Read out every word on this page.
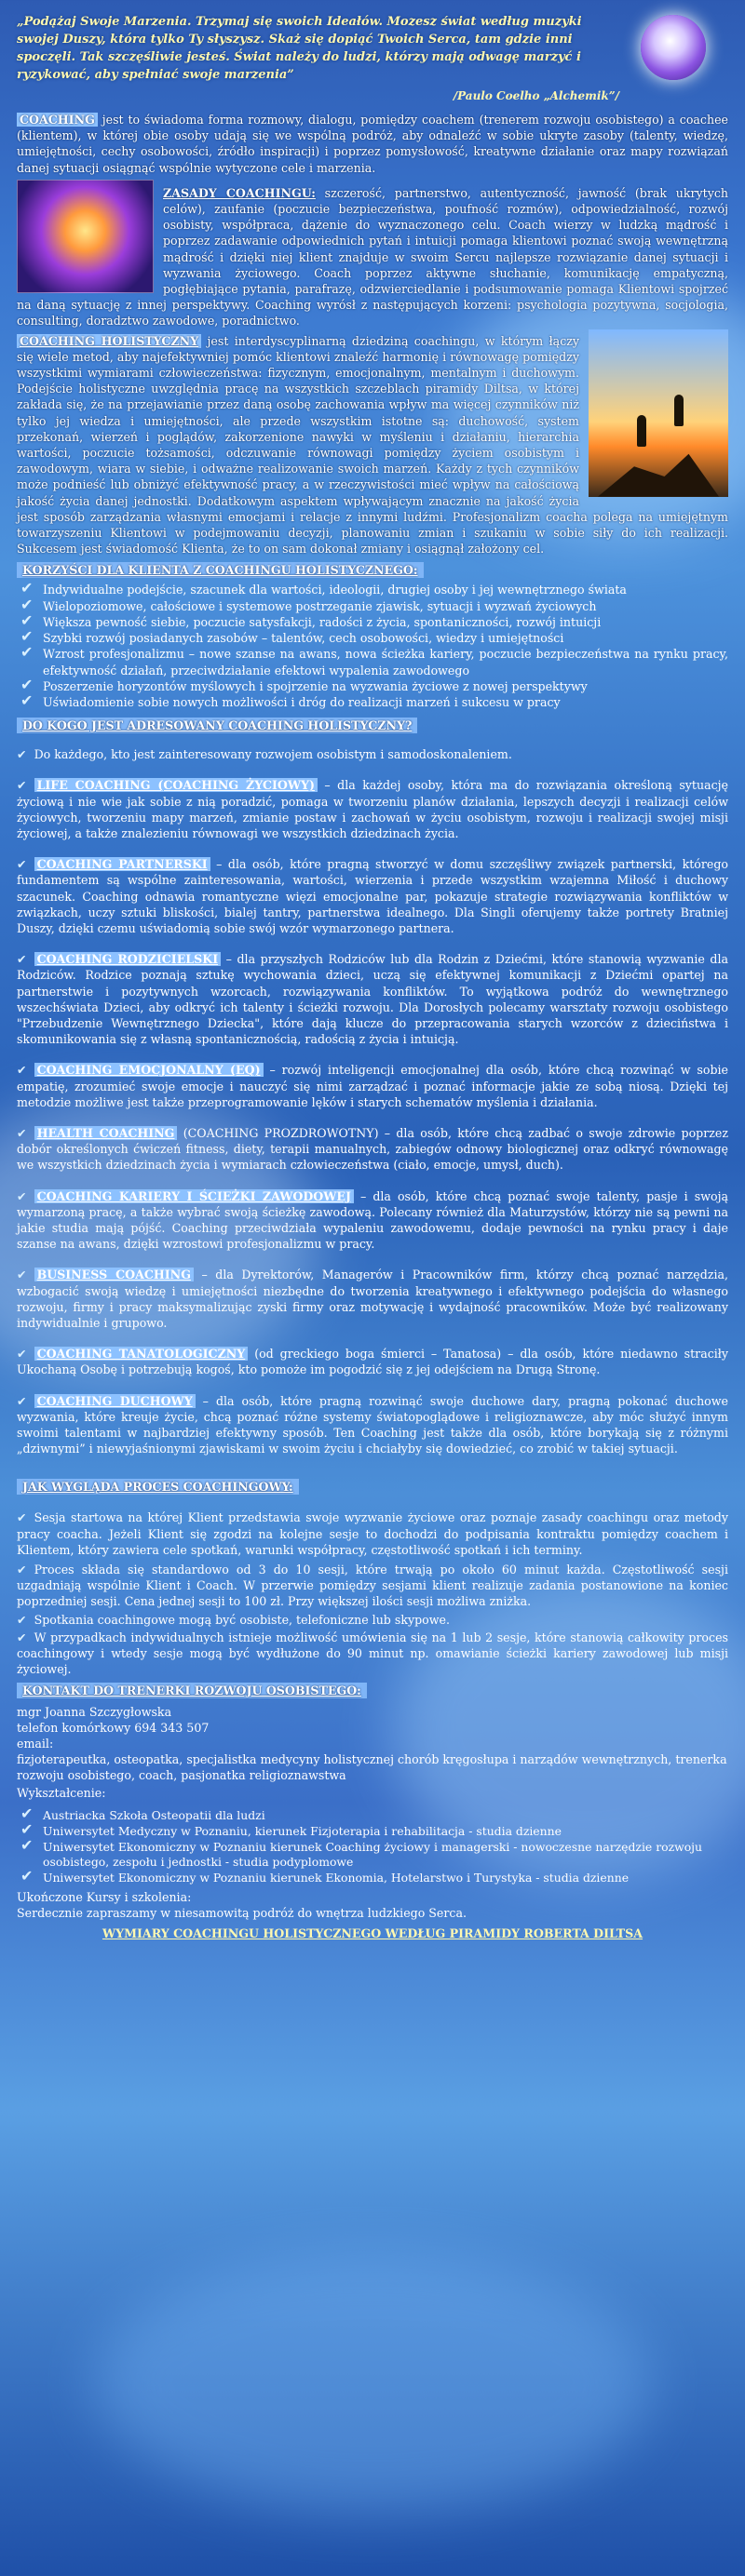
„Podążaj Swoje Marzenia. Trzymaj się swoich Ideałów. Mozesz świat według muzyki swojej Duszy, która tylko Ty słyszysz. Skaż się dopiąć Twoich Serca, tam gdzie inni spoczęli. Tak szczęśliwie jesteś. Świat należy do ludzi, którzy mają odwagę marzyć i ryzykować, aby spełniać swoje marzenia”
/Paulo Coelho „Alchemik”/
COACHING jest to świadoma forma rozmowy, dialogu, pomiędzy coachem (trenerem rozwoju osobistego) a coachee (klientem), w której obie osoby udają się we wspólną podróż, aby odnaleźć w sobie ukryte zasoby (talenty, wiedzę, umiejętności, cechy osobowości, źródło inspiracji) i poprzez pomysłowość, kreatywne działanie oraz mapy rozwiązań danej sytuacji osiągnąć wspólnie wytyczone cele i marzenia.
ZASADY COACHINGU: szczerość, partnerstwo, autentyczność, jawność (brak ukrytych celów), zaufanie (poczucie bezpieczeństwa, poufność rozmów), odpowiedzialność, rozwój osobisty, współpraca, dążenie do wyznaczonego celu. Coach wierzy w ludzką mądrość i poprzez zadawanie odpowiednich pytań i intuicji pomaga klientowi poznać swoją wewnętrzną mądrość i dzięki niej klient znajduje w swoim Sercu najlepsze rozwiązanie danej sytuacji i wyzwania życiowego. Coach poprzez aktywne słuchanie, komunikację empatyczną, pogłębiające pytania, parafrazę, odzwierciedlanie i podsumowanie pomaga Klientowi spojrzeć na daną sytuację z innej perspektywy. Coaching wyrósł z następujących korzeni: psychologia pozytywna, socjologia, consulting, doradztwo zawodowe, poradnictwo.
COACHING HOLISTYCZNY jest interdyscyplinarną dziedziną coachingu, w którym łączy się wiele metod, aby najefektywniej pomóc klientowi znaleźć harmonię i równowagę pomiędzy wszystkimi wymiarami człowieczeństwa: fizycznym, emocjonalnym, mentalnym i duchowym. Podejście holistyczne uwzględnia pracę na wszystkich szczeblach piramidy Diltsa, w której zakłada się, że na przejawianie przez daną osobę zachowania wpływ ma więcej czynników niż tylko jej wiedza i umiejętności, ale przede wszystkim istotne są: duchowość, system przekonań, wierzeń i poglądów, zakorzenione nawyki w myśleniu i działaniu, hierarchia wartości, poczucie tożsamości, odczuwanie równowagi pomiędzy życiem osobistym i zawodowym, wiara w siebie, i odważne realizowanie swoich marzeń. Każdy z tych czynników może podnieść lub obniżyć efektywność pracy, a w rzeczywistości mieć wpływ na całościową jakość życia danej jednostki. Dodatkowym aspektem wpływającym znacznie na jakość życia jest sposób zarządzania własnymi emocjami i relacje z innymi ludźmi. Profesjonalizm coacha polega na umiejętnym towarzyszeniu Klientowi w podejmowaniu decyzji, planowaniu zmian i szukaniu w sobie siły do ich realizacji. Sukcesem jest świadomość Klienta, że to on sam dokonał zmiany i osiągnął założony cel.
KORZYŚCI DLA KLIENTA Z COACHINGU HOLISTYCZNEGO:
✔ Indywidualne podejście, szacunek dla wartości, ideologii, drugiej osoby i jej wewnętrznego świata
✔ Wielopoziomowe, całościowe i systemowe postrzeganie zjawisk, sytuacji i wyzwań życiowych
✔ Większa pewność siebie, poczucie satysfakcji, radości z życia, spontaniczności, rozwój intuicji
✔ Szybki rozwój posiadanych zasobów – talentów, cech osobowości, wiedzy i umiejętności
✔ Wzrost profesjonalizmu – nowe szanse na awans, nowa ścieżka kariery, poczucie bezpieczeństwa na rynku pracy, efektywność działań, przeciwdziałanie efektowi wypalenia zawodowego
✔ Poszerzenie horyzontów myślowych i spojrzenie na wyzwania życiowe z nowej perspektywy
✔ Uświadomienie sobie nowych możliwości i dróg do realizacji marzeń i sukcesu w pracy
DO KOGO JEST ADRESOWANY COACHING HOLISTYCZNY?
✔ Do każdego, kto jest zainteresowany rozwojem osobistym i samodoskonaleniem.
✔ LIFE COACHING (COACHING ŻYCIOWY) – dla każdej osoby, która ma do rozwiązania określoną sytuację życiową i nie wie jak sobie z nią poradzić, pomaga w tworzeniu planów działania, lepszych decyzji i realizacji celów życiowych, tworzeniu mapy marzeń, zmianie postaw i zachowań w życiu osobistym, rozwoju i realizacji swojej misji życiowej, a także znalezieniu równowagi we wszystkich dziedzinach życia.
✔ COACHING PARTNERSKI – dla osób, które pragną stworzyć w domu szczęśliwy związek partnerski, którego fundamentem są wspólne zainteresowania, wartości, wierzenia i przede wszystkim wzajemna Miłość i duchowy szacunek. Coaching odnawia romantyczne więzi emocjonalne par, pokazuje strategie rozwiązywania konfliktów w związkach, uczy sztuki bliskości, bialej tantry, partnerstwa idealnego. Dla Singli oferujemy także portrety Bratniej Duszy, dzięki czemu uświadomią sobie swój wzór wymarzonego partnera.
✔ COACHING RODZICIELSKI – dla przyszłych Rodziców lub dla Rodzin z Dziećmi, które stanowią wyzwanie dla Rodziców. Rodzice poznają sztukę wychowania dzieci, uczą się efektywnej komunikacji z Dziećmi opartej na partnerstwie i pozytywnych wzorcach, rozwiązywania konfliktów. To wyjątkowa podróż do wewnętrznego wszechświata Dzieci, aby odkryć ich talenty i ścieżki rozwoju. Dla Dorosłych polecamy warsztaty rozwoju osobistego "Przebudzenie Wewnętrznego Dziecka", które dają klucze do przepracowania starych wzorców z dzieciństwa i skomunikowania się z własną spontanicznością, radością z życia i intuicją.
✔ COACHING EMOCJONALNY (EQ) – rozwój inteligencji emocjonalnej dla osób, które chcą rozwinąć w sobie empatię, zrozumieć swoje emocje i nauczyć się nimi zarządzać i poznać informacje jakie ze sobą niosą. Dzięki tej metodzie możliwe jest także przeprogramowanie lęków i starych schematów myślenia i działania.
✔ HEALTH COACHING (COACHING PROZDROWOTNY) – dla osób, które chcą zadbać o swoje zdrowie poprzez dobór określonych ćwiczeń fitness, diety, terapii manualnych, zabiegów odnowy biologicznej oraz odkryć równowagę we wszystkich dziedzinach życia i wymiarach człowieczeństwa (ciało, emocje, umysł, duch).
✔ COACHING KARIERY I ŚCIEŻKI ZAWODOWEJ – dla osób, które chcą poznać swoje talenty, pasje i swoją wymarzoną pracę, a także wybrać swoją ścieżkę zawodową. Polecany również dla Maturzystów, którzy nie są pewni na jakie studia mają pójść. Coaching przeciwdziała wypaleniu zawodowemu, dodaje pewności na rynku pracy i daje szanse na awans, dzięki wzrostowi profesjonalizmu w pracy.
✔ BUSINESS COACHING – dla Dyrektorów, Managerów i Pracowników firm, którzy chcą poznać narzędzia, wzbogacić swoją wiedzę i umiejętności niezbędne do tworzenia kreatywnego i efektywnego podejścia do własnego rozwoju, firmy i pracy maksymalizując zyski firmy oraz motywację i wydajność pracowników. Może być realizowany indywidualnie i grupowo.
✔ COACHING TANATOLOGICZNY (od greckiego boga śmierci – Tanatosa) – dla osób, które niedawno straciły Ukochaną Osobę i potrzebują kogoś, kto pomoże im pogodzić się z jej odejściem na Drugą Stronę.
✔ COACHING DUCHOWY – dla osób, które pragną rozwinąć swoje duchowe dary, pragną pokonać duchowe wyzwania, które kreuje życie, chcą poznać różne systemy światopoglądowe i religioznawcze, aby móc służyć innym swoimi talentami w najbardziej efektywny sposób. Ten Coaching jest także dla osób, które borykają się z różnymi „dziwnymi” i niewyjaśnionymi zjawiskami w swoim życiu i chciałyby się dowiedzieć, co zrobić w takiej sytuacji.
JAK WYGLĄDA PROCES COACHINGOWY:
✔ Sesja startowa na której Klient przedstawia swoje wyzwanie życiowe oraz poznaje zasady coachingu oraz metody pracy coacha. Jeżeli Klient się zgodzi na kolejne sesje to dochodzi do podpisania kontraktu pomiędzy coachem i Klientem, który zawiera cele spotkań, warunki współpracy, częstotliwość spotkań i ich terminy.
✔ Proces składa się standardowo od 3 do 10 sesji, które trwają po około 60 minut każda. Częstotliwość sesji uzgadniają wspólnie Klient i Coach. W przerwie pomiędzy sesjami klient realizuje zadania postanowione na koniec poprzedniej sesji. Cena jednej sesji to 100 zł. Przy większej ilości sesji możliwa zniżka.
✔ Spotkania coachingowe mogą być osobiste, telefoniczne lub skypowe.
✔ W przypadkach indywidualnych istnieje możliwość umówienia się na 1 lub 2 sesje, które stanowią całkowity proces coachingowy i wtedy sesje mogą być wydłużone do 90 minut np. omawianie ścieżki kariery zawodowej lub misji życiowej.
KONTAKT DO TRENERKI ROZWOJU OSOBISTEGO:
mgr Joanna Szczygłowska
telefon komórkowy 694 343 507
email:
fizjoterapeutka, osteopatka, specjalistka medycyny holistycznej chorób kręgosłupa i narządów wewnętrznych, trenerka rozwoju osobistego, coach, pasjonatka religioznawstwa
Wykształcenie:
✔ Austriacka Szkoła Osteopatii dla ludzi
✔ Uniwersytet Medyczny w Poznaniu, kierunek Fizjoterapia i rehabilitacja - studia dzienne
✔ Uniwersytet Ekonomiczny w Poznaniu kierunek Coaching życiowy i managerski - nowoczesne narzędzie rozwoju osobistego, zespołu i jednostki - studia podyplomowe
✔ Uniwersytet Ekonomiczny w Poznaniu kierunek Ekonomia, Hotelarstwo i Turystyka - studia dzienne
Ukończone Kursy i szkolenia:
Serdecznie zapraszamy w niesamowitą podróż do wnętrza ludzkiego Serca.
WYMIARY COACHINGU HOLISTYCZNEGO WEDŁUG PIRAMIDY ROBERTA DILTSA
